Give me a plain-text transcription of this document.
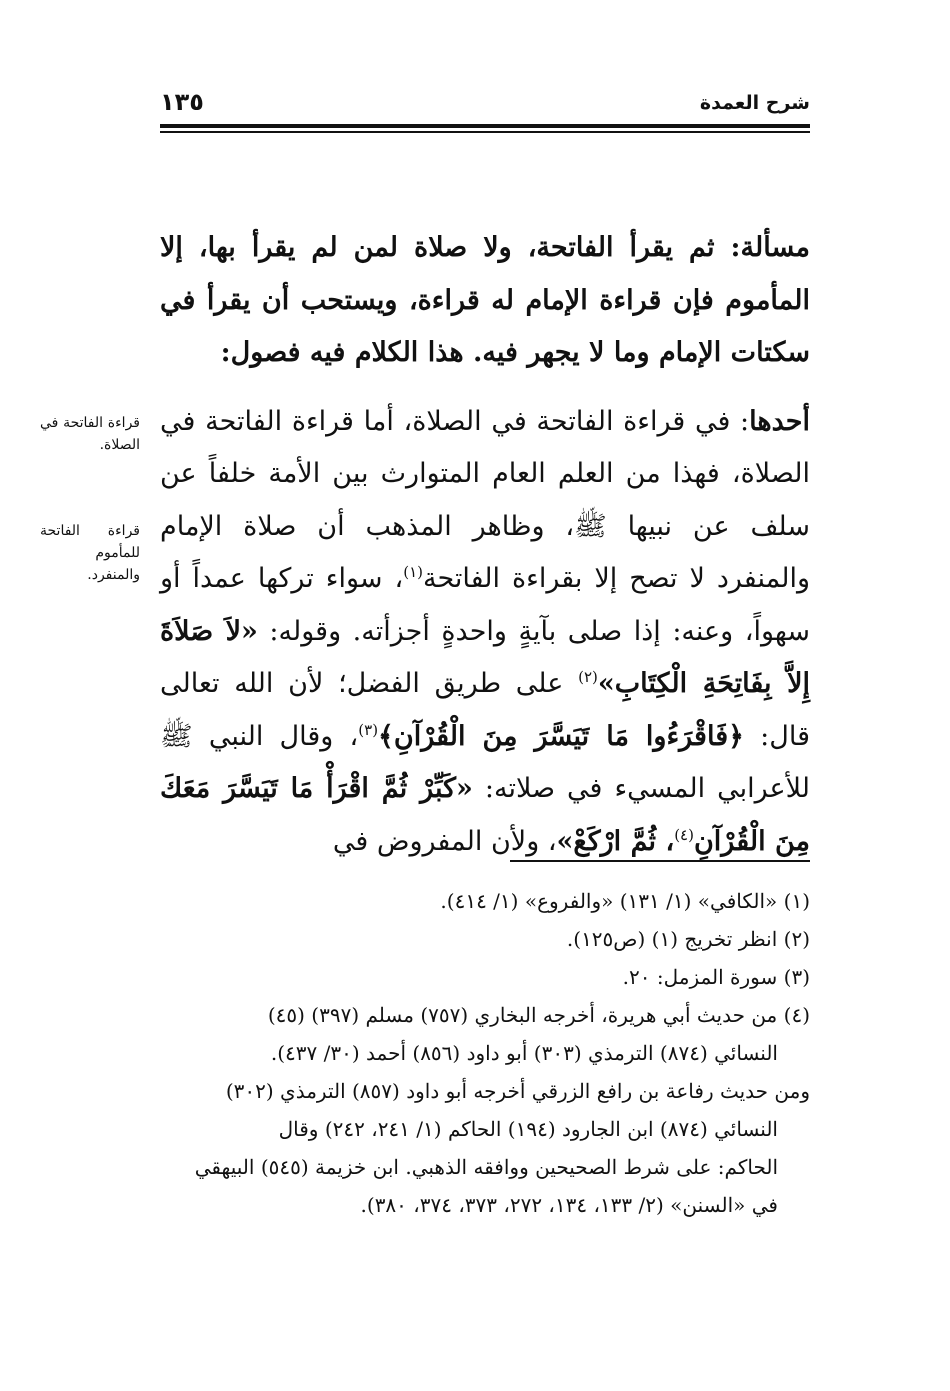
شرح العمدة
١٣٥

مسألة: ثم يقرأ الفاتحة، ولا صلاة لمن لم يقرأ بها، إلا المأموم فإن قراءة الإمام له قراءة، ويستحب أن يقرأ في سكتات الإمام وما لا يجهر فيه. هذا الكلام فيه فصول:

أحدها: في قراءة الفاتحة في الصلاة، أما قراءة الفاتحة في الصلاة، فهذا من العلم العام المتوارث بين الأمة خلفاً عن سلف عن نبيها ﷺ، وظاهر المذهب أن صلاة الإمام والمنفرد لا تصح إلا بقراءة الفاتحة$^{(١)}$، سواء تركها عمداً أو سهواً، وعنه: إذا صلى بآيةٍ واحدةٍ أجزأته. وقوله: «لاَ صَلاَةَ إِلاَّ بِفَاتِحَةِ الْكِتَابِ»$^{(٢)}$ على طريق الفضل؛ لأن الله تعالى قال: ﴿فَاقْرَءُوا مَا تَيَسَّرَ مِنَ الْقُرْآنِ﴾$^{(٣)}$، وقال النبي ﷺ للأعرابي المسيء في صلاته: «كَبِّرْ ثُمَّ اقْرَأْ مَا تَيَسَّرَ مَعَكَ مِنَ الْقُرْآنِ$^{(٤)}$، ثُمَّ ارْكَعْ»، ولأن المفروض في

قراءة الفاتحة في الصلاة.
قراءة الفاتحة للمأموم والمنفرد.

(١) «الكافي» (١/ ١٣١) «والفروع» (١/ ٤١٤).

(٢) انظر تخريج (١) (ص١٢٥).

(٣) سورة المزمل: ٢٠.

(٤) من حديث أبي هريرة، أخرجه البخاري (٧٥٧) مسلم (٣٩٧) (٤٥)

النسائي (٨٧٤) الترمذي (٣٠٣) أبو داود (٨٥٦) أحمد (٣٠/ ٤٣٧).

ومن حديث رفاعة بن رافع الزرقي أخرجه أبو داود (٨٥٧) الترمذي (٣٠٢)

النسائي (٨٧٤) ابن الجارود (١٩٤) الحاكم (١/ ٢٤١، ٢٤٢) وقال

الحاكم: على شرط الصحيحين ووافقه الذهبي. ابن خزيمة (٥٤٥) البيهقي

في «السنن» (٢/ ١٣٣، ١٣٤، ٢٧٢، ٣٧٣، ٣٧٤، ٣٨٠).
